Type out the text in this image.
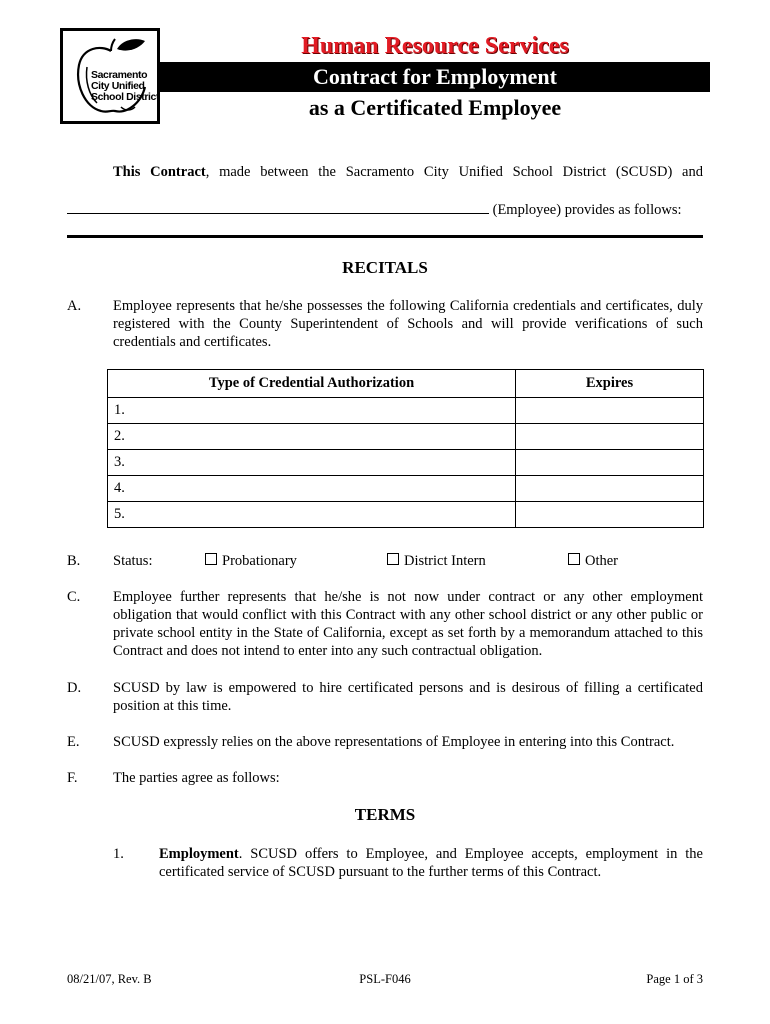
Sacramento
City Unified
School District
Human Resource Services
Contract for Employment
as a Certificated Employee
This Contract, made between the Sacramento City Unified School District (SCUSD) and
(Employee) provides as follows:
RECITALS
A.	Employee represents that he/she possesses the following California credentials and certificates, duly registered with the County Superintendent of Schools and will provide verifications of such credentials and certificates.
Type of Credential Authorization	Expires
1.	
2.	
3.	
4.	
5.	
B.	Status:	Probationary	District Intern	Other
C.	Employee further represents that he/she is not now under contract or any other employment obligation that would conflict with this Contract with any other school district or any other public or private school entity in the State of California, except as set forth by a memorandum attached to this Contract and does not intend to enter into any such contractual obligation.
D.	SCUSD by law is empowered to hire certificated persons and is desirous of filling a certificated position at this time.
E.	SCUSD expressly relies on the above representations of Employee in entering into this Contract.
F.	The parties agree as follows:
TERMS
1. Employment. SCUSD offers to Employee, and Employee accepts, employment in the certificated service of SCUSD pursuant to the further terms of this Contract.
08/21/07, Rev. B	PSL-F046	Page 1 of 3
